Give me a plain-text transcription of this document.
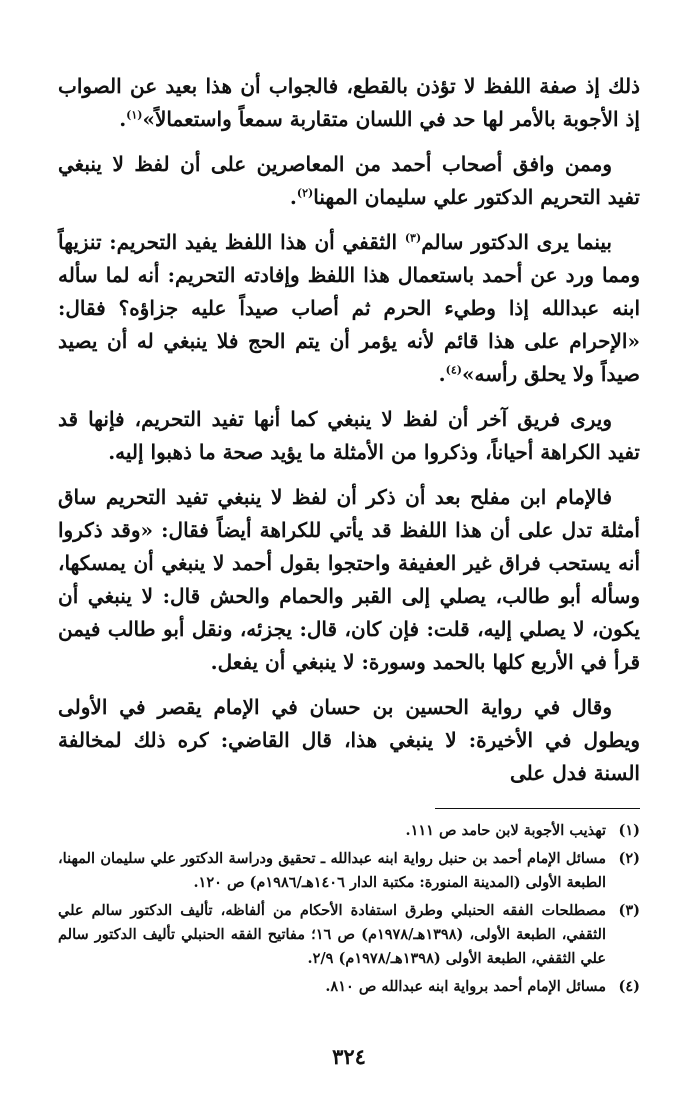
ذلك إذ صفة اللفظ لا تؤذن بالقطع، فالجواب أن هذا بعيد عن الصواب إذ الأجوبة بالأمر لها حد في اللسان متقاربة سمعاً واستعمالاً»$^{(١)}$.

وممن وافق أصحاب أحمد من المعاصرين على أن لفظ لا ينبغي تفيد التحريم الدكتور علي سليمان المهنا$^{(٢)}$.

بينما يرى الدكتور سالم$^{(٣)}$ الثقفي أن هذا اللفظ يفيد التحريم: تنزيهاً ومما ورد عن أحمد باستعمال هذا اللفظ وإفادته التحريم: أنه لما سأله ابنه عبدالله إذا وطيء الحرم ثم أصاب صيداً عليه جزاؤه؟ فقال: «الإحرام على هذا قائم لأنه يؤمر أن يتم الحج فلا ينبغي له أن يصيد صيداً ولا يحلق رأسه»$^{(٤)}$.

ويرى فريق آخر أن لفظ لا ينبغي كما أنها تفيد التحريم، فإنها قد تفيد الكراهة أحياناً، وذكروا من الأمثلة ما يؤيد صحة ما ذهبوا إليه.

فالإمام ابن مفلح بعد أن ذكر أن لفظ لا ينبغي تفيد التحريم ساق أمثلة تدل على أن هذا اللفظ قد يأتي للكراهة أيضاً فقال: «وقد ذكروا أنه يستحب فراق غير العفيفة واحتجوا بقول أحمد لا ينبغي أن يمسكها، وسأله أبو طالب، يصلي إلى القبر والحمام والحش قال: لا ينبغي أن يكون، لا يصلي إليه، قلت: فإن كان، قال: يجزئه، ونقل أبو طالب فيمن قرأ في الأربع كلها بالحمد وسورة: لا ينبغي أن يفعل.

وقال في رواية الحسين بن حسان في الإمام يقصر في الأولى ويطول في الأخيرة: لا ينبغي هذا، قال القاضي: كره ذلك لمخالفة السنة فدل على

(١)
تهذيب الأجوبة لابن حامد ص ١١١.
(٢)
مسائل الإمام أحمد بن حنبل رواية ابنه عبدالله ـ تحقيق ودراسة الدكتور علي سليمان المهنا، الطبعة الأولى (المدينة المنورة: مكتبة الدار ١٤٠٦هـ/١٩٨٦م) ص ١٢٠.
(٣)
مصطلحات الفقه الحنبلي وطرق استفادة الأحكام من ألفاظه، تأليف الدكتور سالم علي الثقفي، الطبعة الأولى، (١٣٩٨هـ/١٩٧٨م) ص ١٦؛ مفاتيح الفقه الحنبلي تأليف الدكتور سالم علي الثقفي، الطبعة الأولى (١٣٩٨هـ/١٩٧٨م) ٢/٩.
(٤)
مسائل الإمام أحمد برواية ابنه عبدالله ص ٨١٠.
٣٢٤
